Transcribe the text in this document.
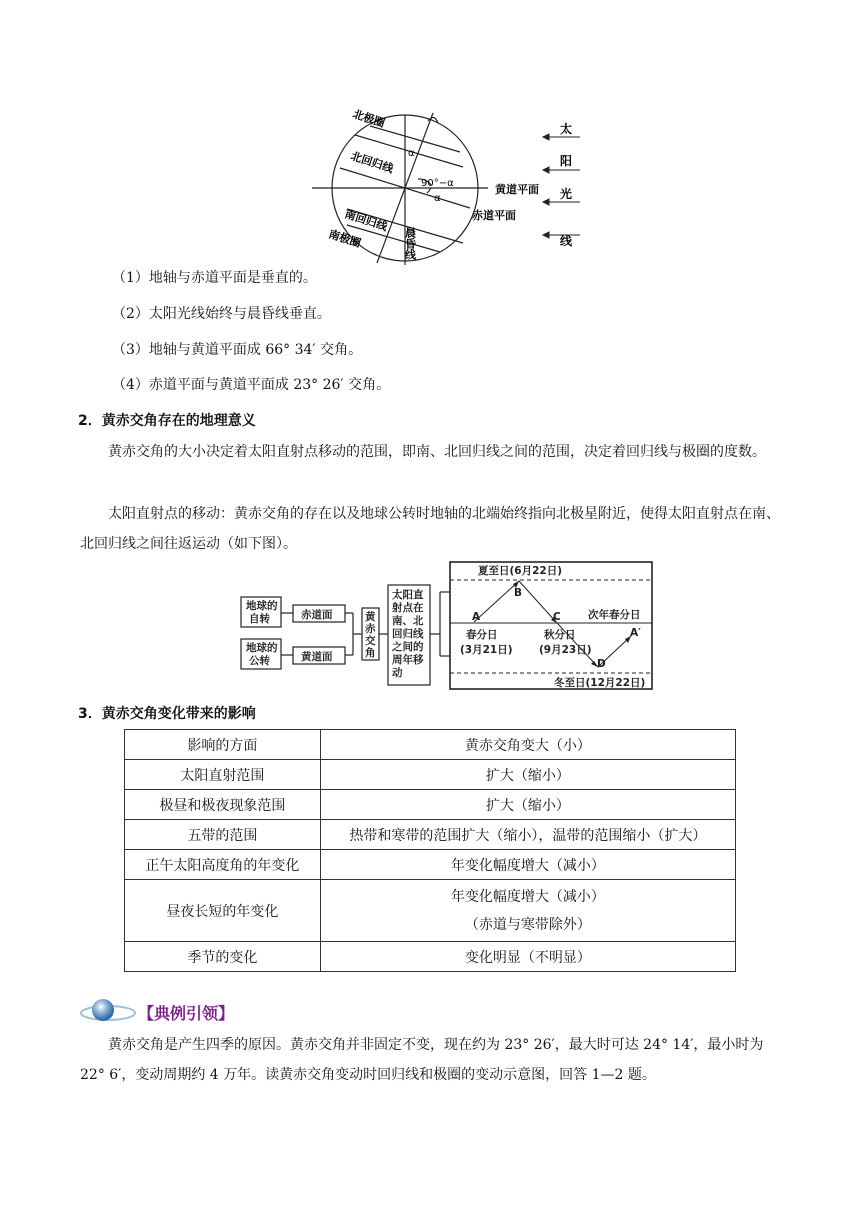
北极圈
北回归线
南回归线
南极圈
α
α
90°−α	黄道平面
赤道平面
晨昏线
太
阳
光
线
（1）地轴与赤道平面是垂直的。
（2）太阳光线始终与晨昏线垂直。
（3）地轴与黄道平面成 66° 34′ 交角。
（4）赤道平面与黄道平面成 23° 26′ 交角。
2．黄赤交角存在的地理意义
黄赤交角的大小决定着太阳直射点移动的范围，即南、北回归线之间的范围，决定着回归线与极圈的度数。
太阳直射点的移动：黄赤交角的存在以及地球公转时地轴的北端始终指向北极星附近，使得太阳直射点在南、北回归线之间往返运动（如下图）。
地球的
自转
地球的
公转
赤道面
黄道面
黄
赤
交
角
太阳直
射点在
南、北
回归线
之间的
周年移
动
夏至日(6月22日)
冬至日(12月22日)
春分日
(3月21日)
秋分日
(9月23日)
次年春分日
A
B
C
D
A′
3．黄赤交角变化带来的影响
影响的方面	黄赤交角变大（小）
太阳直射范围	扩大（缩小）
极昼和极夜现象范围	扩大（缩小）
五带的范围	热带和寒带的范围扩大（缩小），温带的范围缩小（扩大）
正午太阳高度角的年变化	年变化幅度增大（减小）
昼夜长短的年变化	年变化幅度增大（减小）
（赤道与寒带除外）

季节的变化	变化明显（不明显）
【典例引领】
黄赤交角是产生四季的原因。黄赤交角并非固定不变，现在约为 23° 26′，最大时可达 24° 14′，最小时为 22° 6′，变动周期约 4 万年。读黄赤交角变动时回归线和极圈的变动示意图，回答 1—2 题。
